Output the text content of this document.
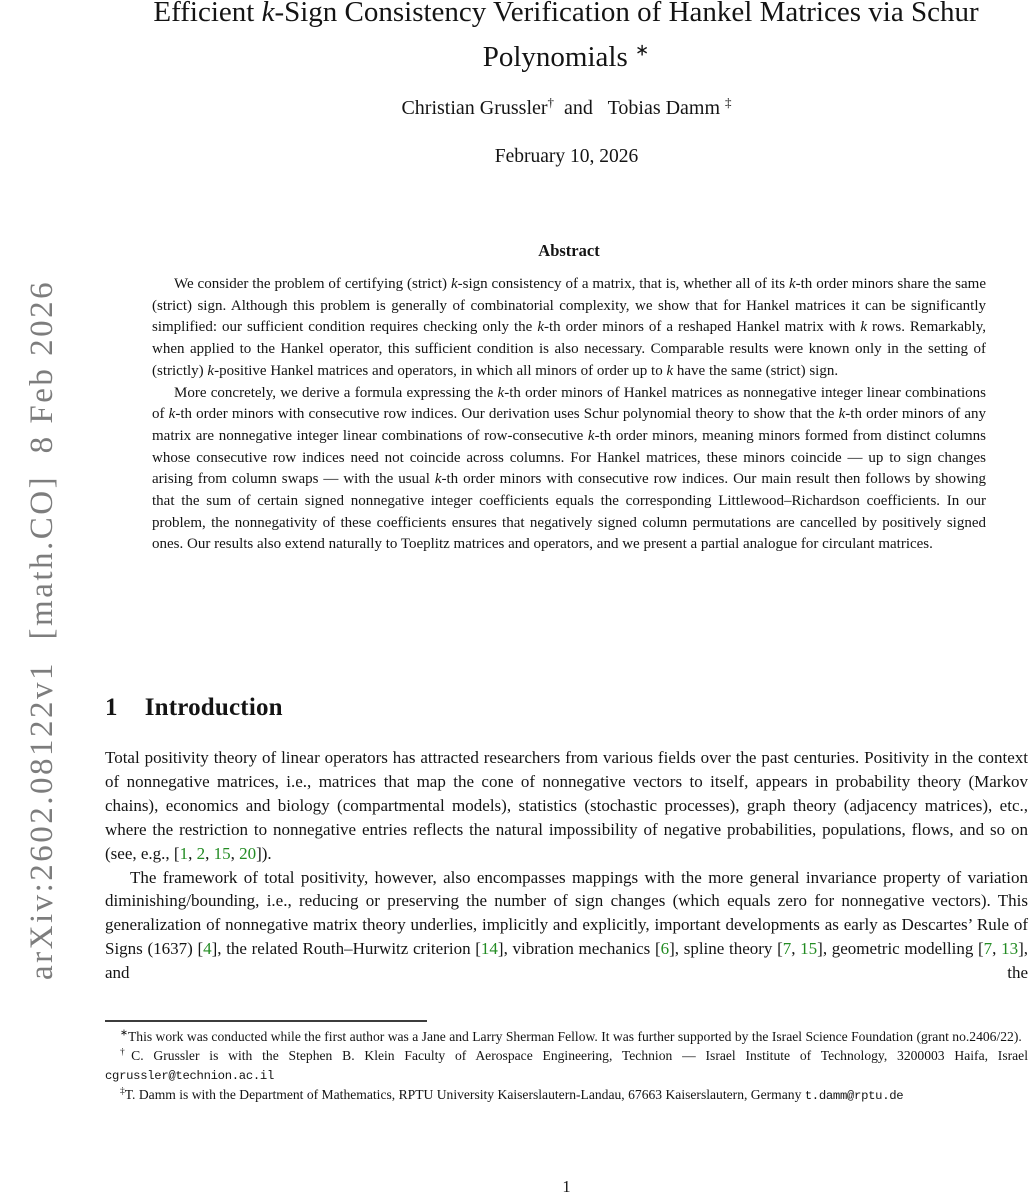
arXiv:2602.08122v1  [math.CO]  8 Feb 2026
Efficient k-Sign Consistency Verification of Hankel Matrices via Schur Polynomials ∗
Christian Grussler†  and   Tobias Damm ‡
February 10, 2026
Abstract

We consider the problem of certifying (strict) k-sign consistency of a matrix, that is, whether all of its k-th order minors share the same (strict) sign. Although this problem is generally of combinatorial complexity, we show that for Hankel matrices it can be significantly simplified: our sufficient condition requires checking only the k-th order minors of a reshaped Hankel matrix with k rows. Remarkably, when applied to the Hankel operator, this sufficient condition is also necessary. Comparable results were known only in the setting of (strictly) k-positive Hankel matrices and operators, in which all minors of order up to k have the same (strict) sign.

More concretely, we derive a formula expressing the k-th order minors of Hankel matrices as nonnegative integer linear combinations of k-th order minors with consecutive row indices. Our derivation uses Schur polynomial theory to show that the k-th order minors of any matrix are nonnegative integer linear combinations of row-consecutive k-th order minors, meaning minors formed from distinct columns whose consecutive row indices need not coincide across columns. For Hankel matrices, these minors coincide — up to sign changes arising from column swaps — with the usual k-th order minors with consecutive row indices. Our main result then follows by showing that the sum of certain signed nonnegative integer coefficients equals the corresponding Littlewood–Richardson coefficients. In our problem, the nonnegativity of these coefficients ensures that negatively signed column permutations are cancelled by positively signed ones. Our results also extend naturally to Toeplitz matrices and operators, and we present a partial analogue for circulant matrices.

1 Introduction

Total positivity theory of linear operators has attracted researchers from various fields over the past centuries. Positivity in the context of nonnegative matrices, i.e., matrices that map the cone of nonnegative vectors to itself, appears in probability theory (Markov chains), economics and biology (compartmental models), statistics (stochastic processes), graph theory (adjacency matrices), etc., where the restriction to nonnegative entries reflects the natural impossibility of negative probabilities, populations, flows, and so on (see, e.g., [1, 2, 15, 20]).

The framework of total positivity, however, also encompasses mappings with the more general invariance property of variation diminishing/bounding, i.e., reducing or preserving the number of sign changes (which equals zero for nonnegative vectors). This generalization of nonnegative matrix theory underlies, implicitly and explicitly, important developments as early as Descartes’ Rule of Signs (1637) [4], the related Routh–Hurwitz criterion [14], vibration mechanics [6], spline theory [7, 15], geometric modelling [7, 13], and the

∗This work was conducted while the first author was a Jane and Larry Sherman Fellow. It was further supported by the Israel Science Foundation (grant no.2406/22).

†C. Grussler is with the Stephen B. Klein Faculty of Aerospace Engineering, Technion — Israel Institute of Technology, 3200003 Haifa, Israel cgrussler@technion.ac.il

‡T. Damm is with the Department of Mathematics, RPTU University Kaiserslautern-Landau, 67663 Kaiserslautern, Germany t.damm@rptu.de

1
